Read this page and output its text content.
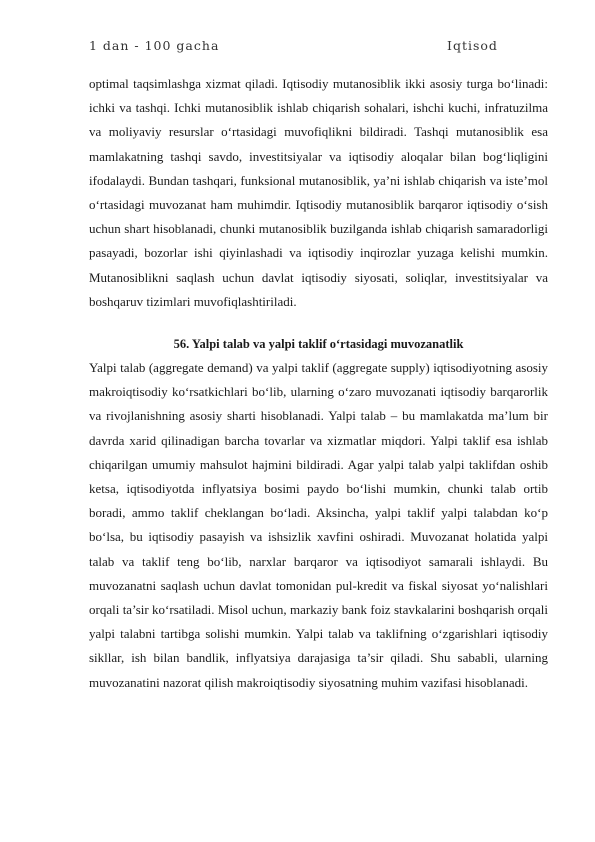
1 dan - 100 gacha	Iqtisod

optimal taqsimlashga xizmat qiladi. Iqtisodiy mutanosiblik ikki asosiy turga bo‘linadi: ichki va tashqi. Ichki mutanosiblik ishlab chiqarish sohalari, ishchi kuchi, infratuzilma va moliyaviy resurslar o‘rtasidagi muvofiqlikni bildiradi. Tashqi mutanosiblik esa mamlakatning tashqi savdo, investitsiyalar va iqtisodiy aloqalar bilan bog‘liqligini ifodalaydi. Bundan tashqari, funksional mutanosiblik, ya’ni ishlab chiqarish va iste’mol o‘rtasidagi muvozanat ham muhimdir. Iqtisodiy mutanosiblik barqaror iqtisodiy o‘sish uchun shart hisoblanadi, chunki mutanosiblik buzilganda ishlab chiqarish samaradorligi pasayadi, bozorlar ishi qiyinlashadi va iqtisodiy inqirozlar yuzaga kelishi mumkin. Mutanosiblikni saqlash uchun davlat iqtisodiy siyosati, soliqlar, investitsiyalar va boshqaruv tizimlari muvofiqlashtiriladi.

56. Yalpi talab va yalpi taklif o‘rtasidagi muvozanatlik

Yalpi talab (aggregate demand) va yalpi taklif (aggregate supply) iqtisodiyotning asosiy makroiqtisodiy ko‘rsatkichlari bo‘lib, ularning o‘zaro muvozanati iqtisodiy barqarorlik va rivojlanishning asosiy sharti hisoblanadi. Yalpi talab – bu mamlakatda ma’lum bir davrda xarid qilinadigan barcha tovarlar va xizmatlar miqdori. Yalpi taklif esa ishlab chiqarilgan umumiy mahsulot hajmini bildiradi. Agar yalpi talab yalpi taklifdan oshib ketsa, iqtisodiyotda inflyatsiya bosimi paydo bo‘lishi mumkin, chunki talab ortib boradi, ammo taklif cheklangan bo‘ladi. Aksincha, yalpi taklif yalpi talabdan ko‘p bo‘lsa, bu iqtisodiy pasayish va ishsizlik xavfini oshiradi. Muvozanat holatida yalpi talab va taklif teng bo‘lib, narxlar barqaror va iqtisodiyot samarali ishlaydi. Bu muvozanatni saqlash uchun davlat tomonidan pul-kredit va fiskal siyosat yo‘nalishlari orqali ta’sir ko‘rsatiladi. Misol uchun, markaziy bank foiz stavkalarini boshqarish orqali yalpi talabni tartibga solishi mumkin. Yalpi talab va taklifning o‘zgarishlari iqtisodiy sikllar, ish bilan bandlik, inflyatsiya darajasiga ta’sir qiladi. Shu sababli, ularning muvozanatini nazorat qilish makroiqtisodiy siyosatning muhim vazifasi hisoblanadi.
